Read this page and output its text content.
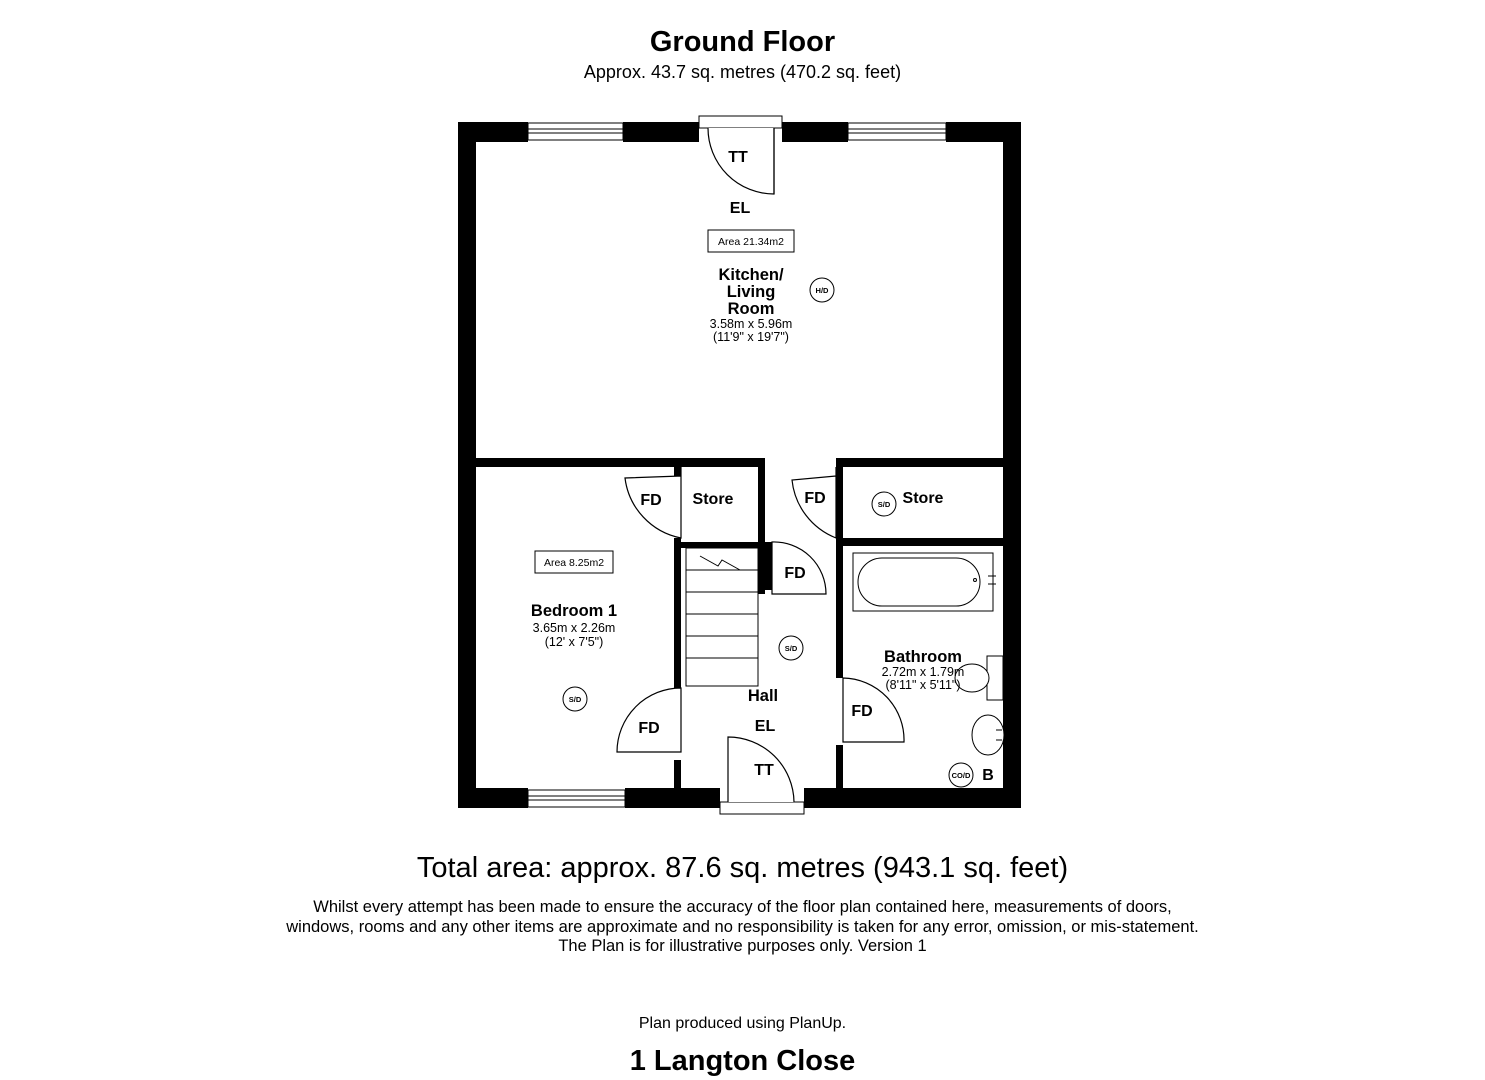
Ground Floor
Approx. 43.7 sq. metres (470.2 sq. feet)
Area 21.34m2
Area 8.25m2
Kitchen/
Living
Room
3.58m x 5.96m
(11'9" x 19'7")
Bedroom 1
3.65m x 2.26m
(12' x 7'5")
Bathroom
2.72m x 1.79m
(8'11" x 5'11")
Hall
Store	Store
TT
EL
TT
EL
FD	FD
FD
FD
FD
B
H/D
S/D
S/D
S/D
CO/D
Total area: approx. 87.6 sq. metres (943.1 sq. feet)
Whilst every attempt has been made to ensure the accuracy of the floor plan contained here, measurements of doors,
windows, rooms and any other items are approximate and no responsibility is taken for any error, omission, or mis-statement.
The Plan is for illustrative purposes only. Version 1
Plan produced using PlanUp.
1 Langton Close
